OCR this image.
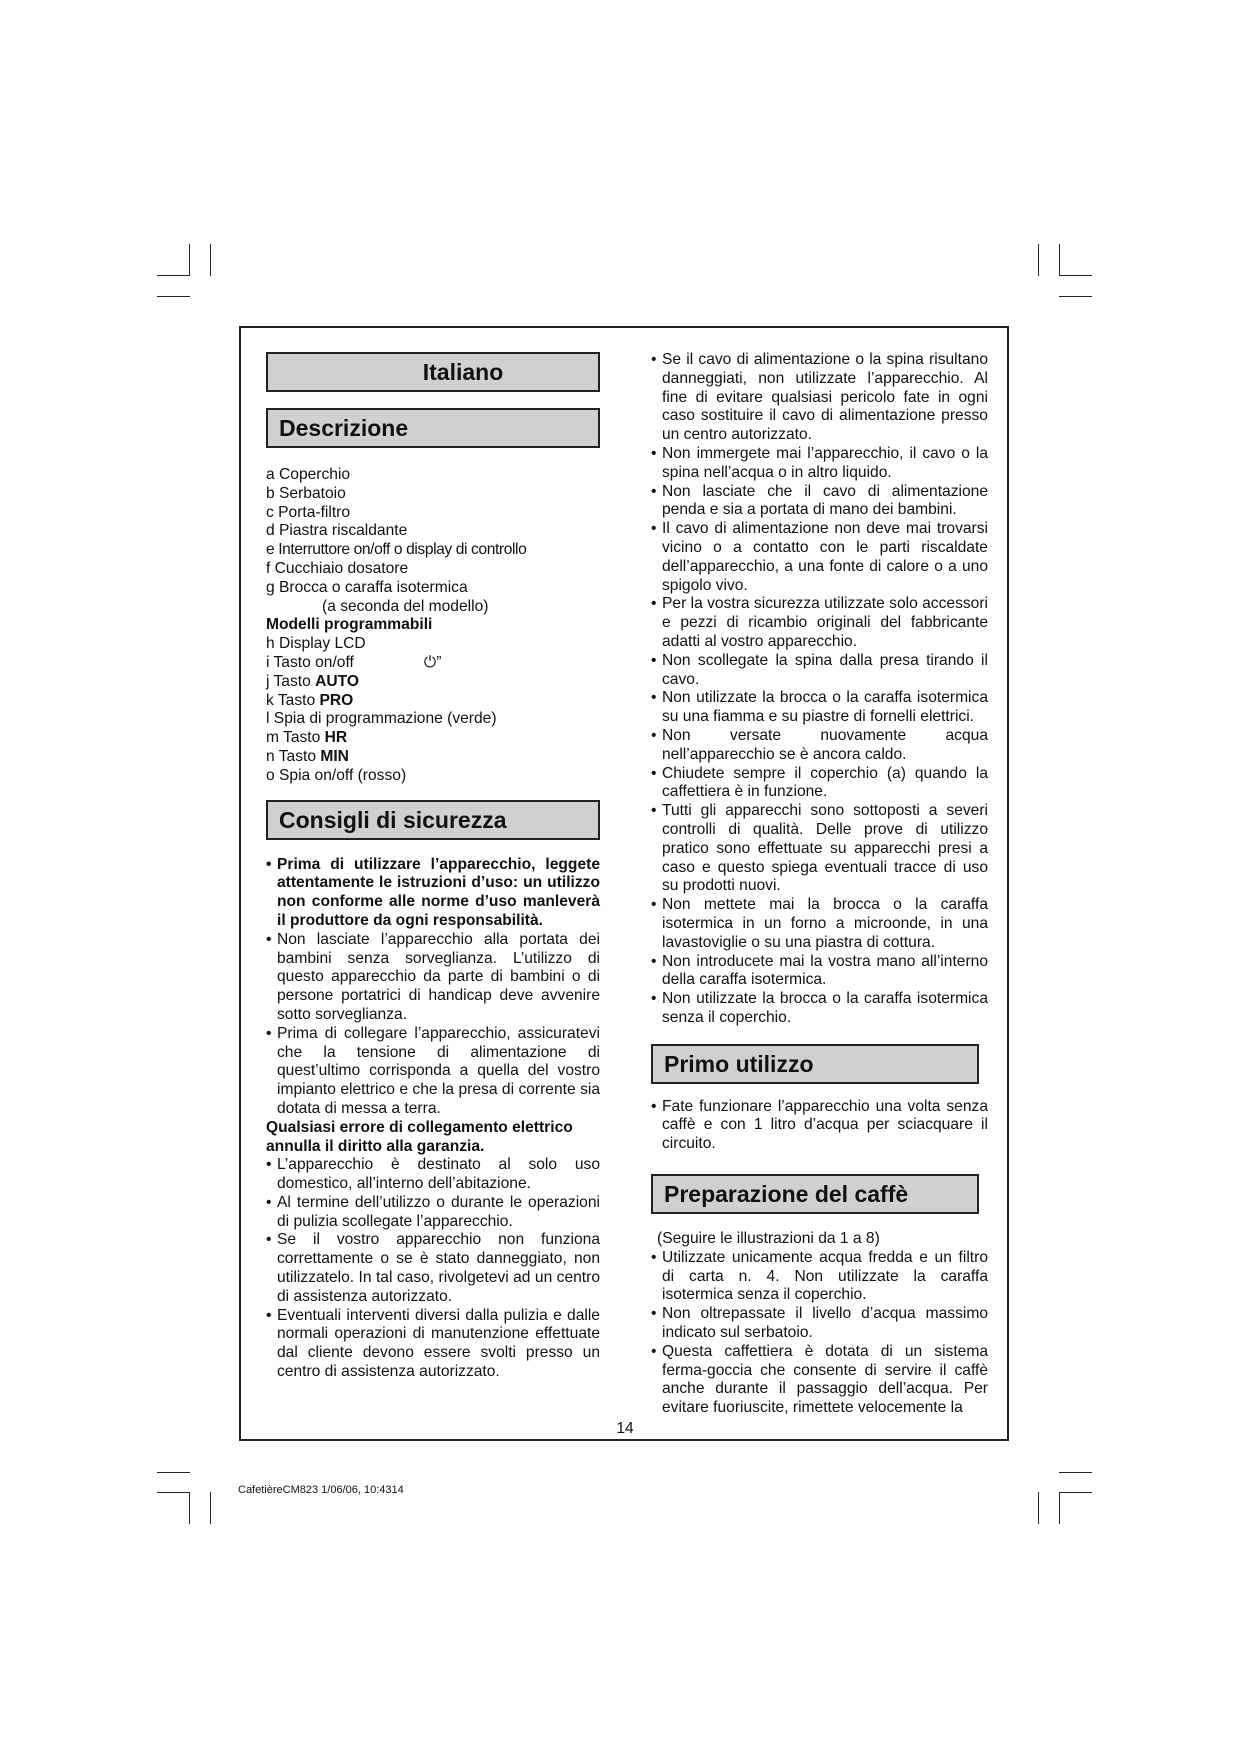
Italiano
Descrizione

a Coperchio

b Serbatoio

c Porta-filtro

d Piastra riscaldante

e Interruttore on/off o display di controllo

f Cucchiaio dosatore

g Brocca o caraffa isotermica

(a seconda del modello)

Modelli programmabili

h Display LCD

i Tasto on/off	⏻”

j Tasto AUTO

k Tasto PRO

l Spia di programmazione (verde)

m Tasto HR

n Tasto MIN

o Spia on/off (rosso)

Consigli di sicurezza

• Prima di utilizzare l’apparecchio, leggete attentamente le istruzioni d’uso: un utilizzo non conforme alle norme d’uso manleverà il produttore da ogni responsabilità.

• Non lasciate l’apparecchio alla portata dei bambini senza sorveglianza. L’utilizzo di questo apparecchio da parte di bambini o di persone portatrici di handicap deve avvenire sotto sorveglianza.

• Prima di collegare l’apparecchio, assicuratevi che la tensione di alimentazione di quest’ultimo corrisponda a quella del vostro impianto elettrico e che la presa di corrente sia dotata di messa a terra.

Qualsiasi errore di collegamento elettrico annulla il diritto alla garanzia.

• L’apparecchio è destinato al solo uso domestico, all’interno dell’abitazione.

• Al termine dell’utilizzo o durante le operazioni di pulizia scollegate l’apparecchio.

• Se il vostro apparecchio non funziona correttamente o se è stato danneggiato, non utilizzatelo. In tal caso, rivolgetevi ad un centro di assistenza autorizzato.

• Eventuali interventi diversi dalla pulizia e dalle normali operazioni di manutenzione effettuate dal cliente devono essere svolti presso un centro di assistenza autorizzato.

• Se il cavo di alimentazione o la spina risultano danneggiati, non utilizzate l’apparecchio. Al fine di evitare qualsiasi pericolo fate in ogni caso sostituire il cavo di alimentazione presso un centro autorizzato.

• Non immergete mai l’apparecchio, il cavo o la spina nell’acqua o in altro liquido.

• Non lasciate che il cavo di alimentazione penda e sia a portata di mano dei bambini.

• Il cavo di alimentazione non deve mai trovarsi vicino o a contatto con le parti riscaldate dell’apparecchio, a una fonte di calore o a uno spigolo vivo.

• Per la vostra sicurezza utilizzate solo accessori e pezzi di ricambio originali del fabbricante adatti al vostro apparecchio.

• Non scollegate la spina dalla presa tirando il cavo.

• Non utilizzate la brocca o la caraffa isotermica su una fiamma e su piastre di fornelli elettrici.

• Non versate nuovamente acqua nell’apparecchio se è ancora caldo.

• Chiudete sempre il coperchio (a) quando la caffettiera è in funzione.

• Tutti gli apparecchi sono sottoposti a severi controlli di qualità. Delle prove di utilizzo pratico sono effettuate su apparecchi presi a caso e questo spiega eventuali tracce di uso su prodotti nuovi.

• Non mettete mai la brocca o la caraffa isotermica in un forno a microonde, in una lavastoviglie o su una piastra di cottura.

• Non introducete mai la vostra mano all’interno della caraffa isotermica.

• Non utilizzate la brocca o la caraffa isotermica senza il coperchio.

Primo utilizzo

• Fate funzionare l’apparecchio una volta senza caffè e con 1 litro d’acqua per sciacquare il circuito.

Preparazione del caffè

(Seguire le illustrazioni da 1 a 8)

• Utilizzate unicamente acqua fredda e un filtro di carta n. 4. Non utilizzate la caraffa isotermica senza il coperchio.

• Non oltrepassate il livello d’acqua massimo indicato sul serbatoio.

• Questa caffettiera è dotata di un sistema ferma-goccia che consente di servire il caffè anche durante il passaggio dell’acqua. Per evitare fuoriuscite, rimettete velocemente la

14
CafetièreCM823 1/06/06, 10:4314
